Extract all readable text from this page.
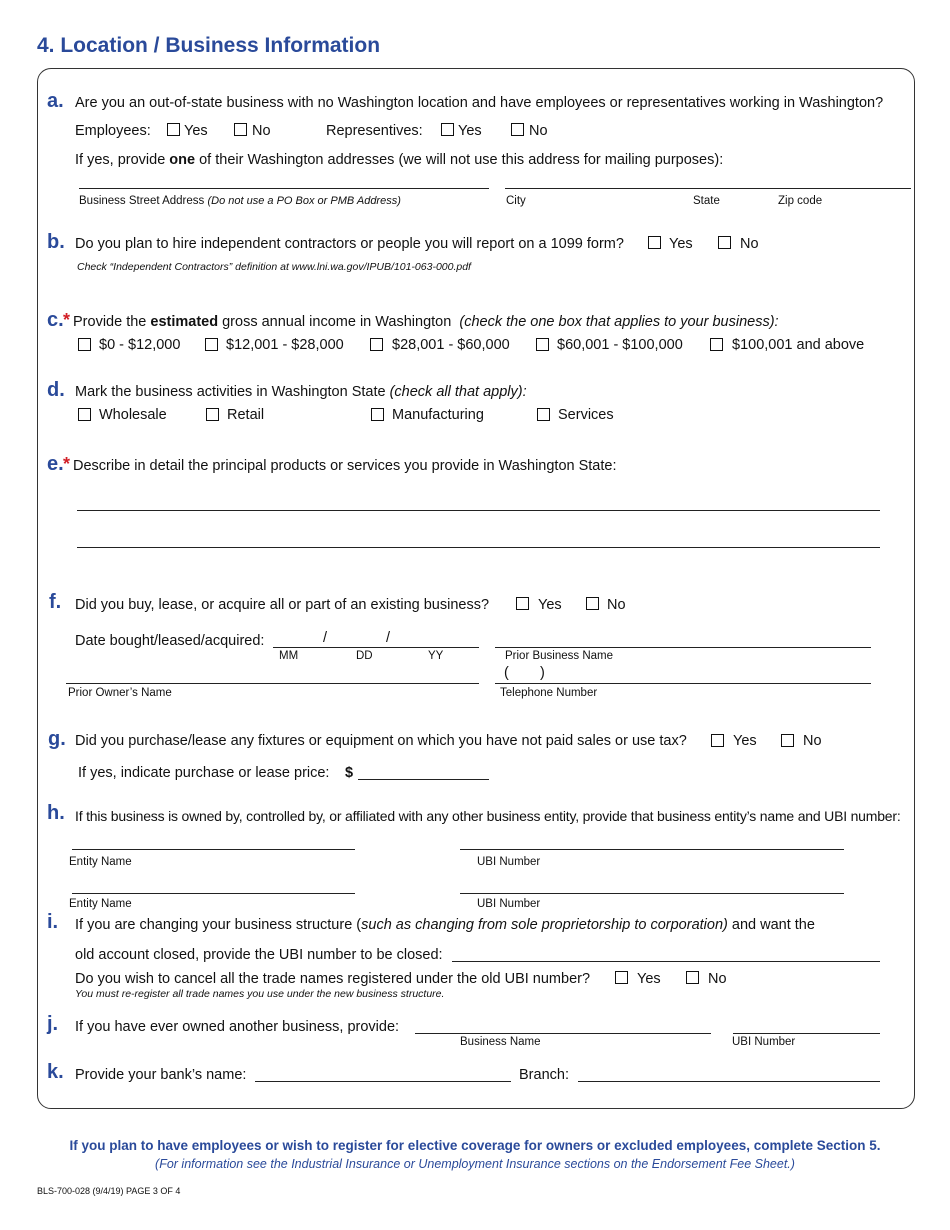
4. Location / Business Information
a. Are you an out-of-state business with no Washington location and have employees or representatives working in Washington?
Employees: Yes	No	Representives: Yes	No
If yes, provide one of their Washington addresses (we will not use this address for mailing purposes):
Business Street Address (Do not use a PO Box or PMB Address)	City	State	Zip code
b. Do you plan to hire independent contractors or people you will report on a 1099 form?	Yes	No
Check “Independent Contractors” definition at www.lni.wa.gov/IPUB/101-063-000.pdf
c. * Provide the estimated gross annual income in Washington (check the one box that applies to your business):
$0 - $12,000	$12,001 - $28,000	$28,001 - $60,000	$60,001 - $100,000	$100,001 and above
d. Mark the business activities in Washington State (check all that apply):
Wholesale	Retail	Manufacturing	Services
e. * Describe in detail the principal products or services you provide in Washington State:
f. Did you buy, lease, or acquire all or part of an existing business?	Yes	No
Date bought/leased/acquired:	/	/
MM	DD	YY	Prior Business Name
( )
Prior Owner’s Name	Telephone Number
g. Did you purchase/lease any fixtures or equipment on which you have not paid sales or use tax?	Yes	No
If yes, indicate purchase or lease price: $
h. If this business is owned by, controlled by, or affiliated with any other business entity, provide that business entity’s name and UBI number:
Entity Name	UBI Number
Entity Name	UBI Number
i. If you are changing your business structure (such as changing from sole proprietorship to corporation) and want the
old account closed, provide the UBI number to be closed:
Do you wish to cancel all the trade names registered under the old UBI number?	Yes	No
You must re-register all trade names you use under the new business structure.
j. If you have ever owned another business, provide:
Business Name	UBI Number
k. Provide your bank’s name:	Branch:
If you plan to have employees or wish to register for elective coverage for owners or excluded employees, complete Section 5.
(For information see the Industrial Insurance or Unemployment Insurance sections on the Endorsement Fee Sheet.)
BLS-700-028 (9/4/19) PAGE 3 OF 4
